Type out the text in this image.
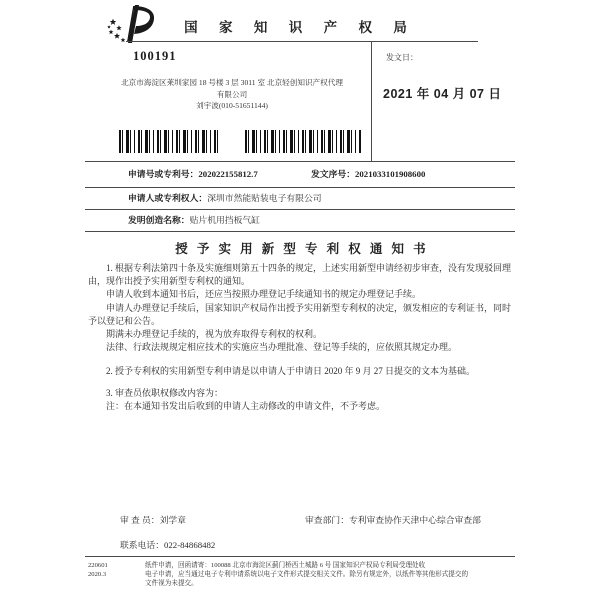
国 家 知 识 产 权 局
100191
北京市海淀区莱圳家园 18 号楼 3 层 3011 室 北京轻创知识产权代理
有限公司
刘宇波(010-51651144)
发文日：
2021 年 04 月 07 日
申请号或专利号：202022155812.7	发文序号：2021033101908600
申请人或专利权人：深圳市然能贴装电子有限公司
发明创造名称：贴片机用挡板气缸
授 予 实 用 新 型 专 利 权 通 知 书

1. 根据专利法第四十条及实施细则第五十四条的规定，上述实用新型申请经初步审查，没有发现驳回理由，现作出授予实用新型专利权的通知。

申请人收到本通知书后，还应当按照办理登记手续通知书的规定办理登记手续。

申请人办理登记手续后，国家知识产权局作出授予实用新型专利权的决定，颁发相应的专利证书，同时予以登记和公告。

期满未办理登记手续的，视为放弃取得专利权的权利。

法律、行政法规规定相应技术的实施应当办理批准、登记等手续的，应依照其规定办理。

2. 授予专利权的实用新型专利申请是以申请人于申请日 2020 年 9 月 27 日提交的文本为基础。

3. 审查员依职权修改内容为：

注：在本通知书发出后收到的申请人主动修改的申请文件，不予考虑。

审 查 员：刘学章	审查部门：专利审查协作天津中心综合审查部
联系电话：022-84868482
220601
2020.3
纸件申请，回函请寄：100088 北京市海淀区蓟门桥西土城路 6 号 国家知识产权局专利局受理处收
电子申请，应当通过电子专利申请系统以电子文件形式提交相关文件。除另有规定外，以纸件等其他形式提交的
文件视为未提交。
